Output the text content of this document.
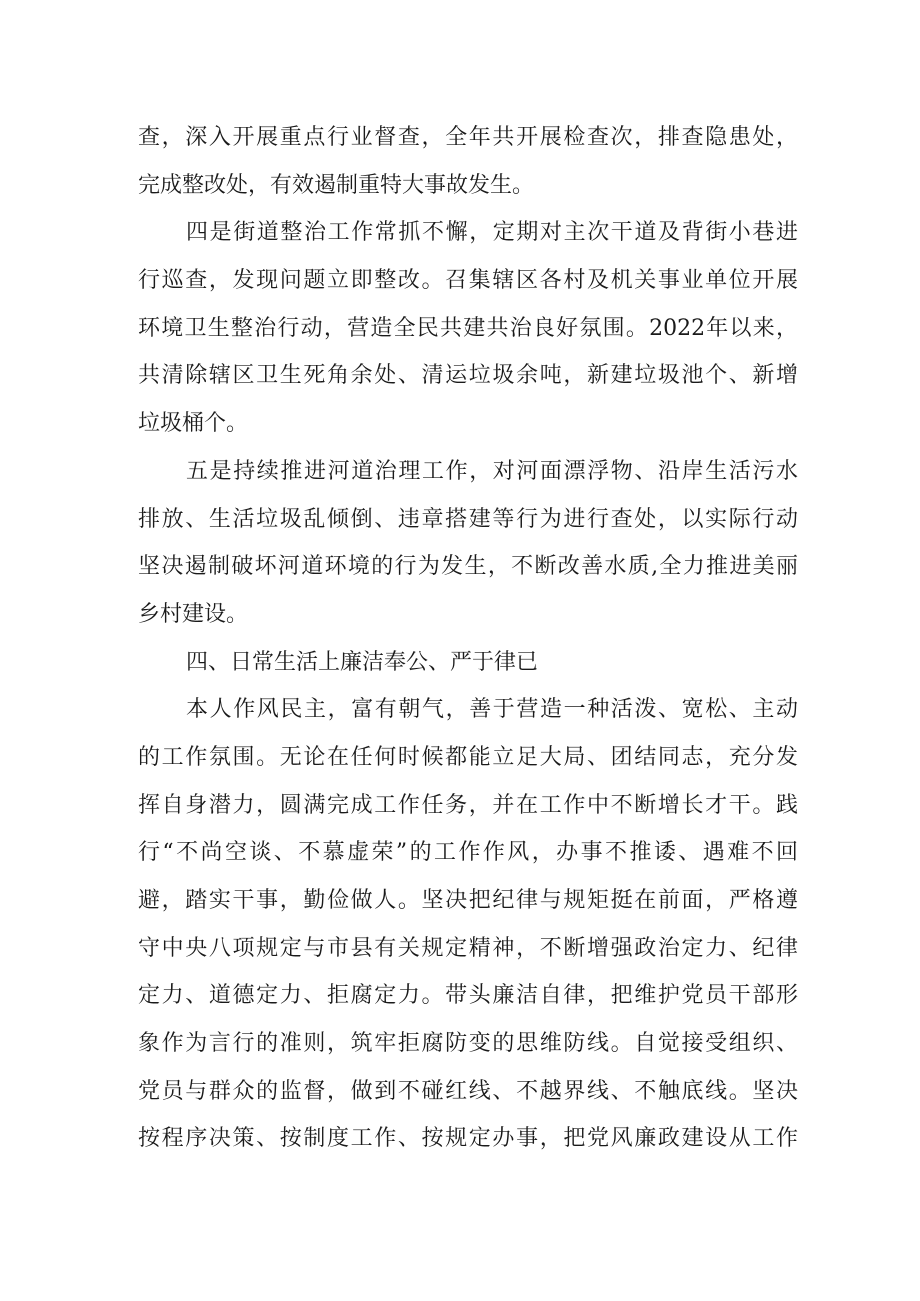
查，深入开展重点行业督查，全年共开展检查次，排查隐患处，
完成整改处，有效遏制重特大事故发生。
四是街道整治工作常抓不懈，定期对主次干道及背街小巷进
行巡查，发现问题立即整改。召集辖区各村及机关事业单位开展
环境卫生整治行动，营造全民共建共治良好氛围。2022年以来，
共清除辖区卫生死角余处、清运垃圾余吨，新建垃圾池个、新增
垃圾桶个。
五是持续推进河道治理工作，对河面漂浮物、沿岸生活污水
排放、生活垃圾乱倾倒、违章搭建等行为进行查处，以实际行动
坚决遏制破坏河道环境的行为发生，不断改善水质,全力推进美丽
乡村建设。
四、日常生活上廉洁奉公、严于律已
本人作风民主，富有朝气，善于营造一种活泼、宽松、主动
的工作氛围。无论在任何时候都能立足大局、团结同志，充分发
挥自身潜力，圆满完成工作任务，并在工作中不断增长才干。践
行“不尚空谈、不慕虚荣”的工作作风，办事不推诿、遇难不回
避，踏实干事，勤俭做人。坚决把纪律与规矩挺在前面，严格遵
守中央八项规定与市县有关规定精神，不断增强政治定力、纪律
定力、道德定力、拒腐定力。带头廉洁自律，把维护党员干部形
象作为言行的准则，筑牢拒腐防变的思维防线。自觉接受组织、
党员与群众的监督，做到不碰红线、不越界线、不触底线。坚决
按程序决策、按制度工作、按规定办事，把党风廉政建设从工作
